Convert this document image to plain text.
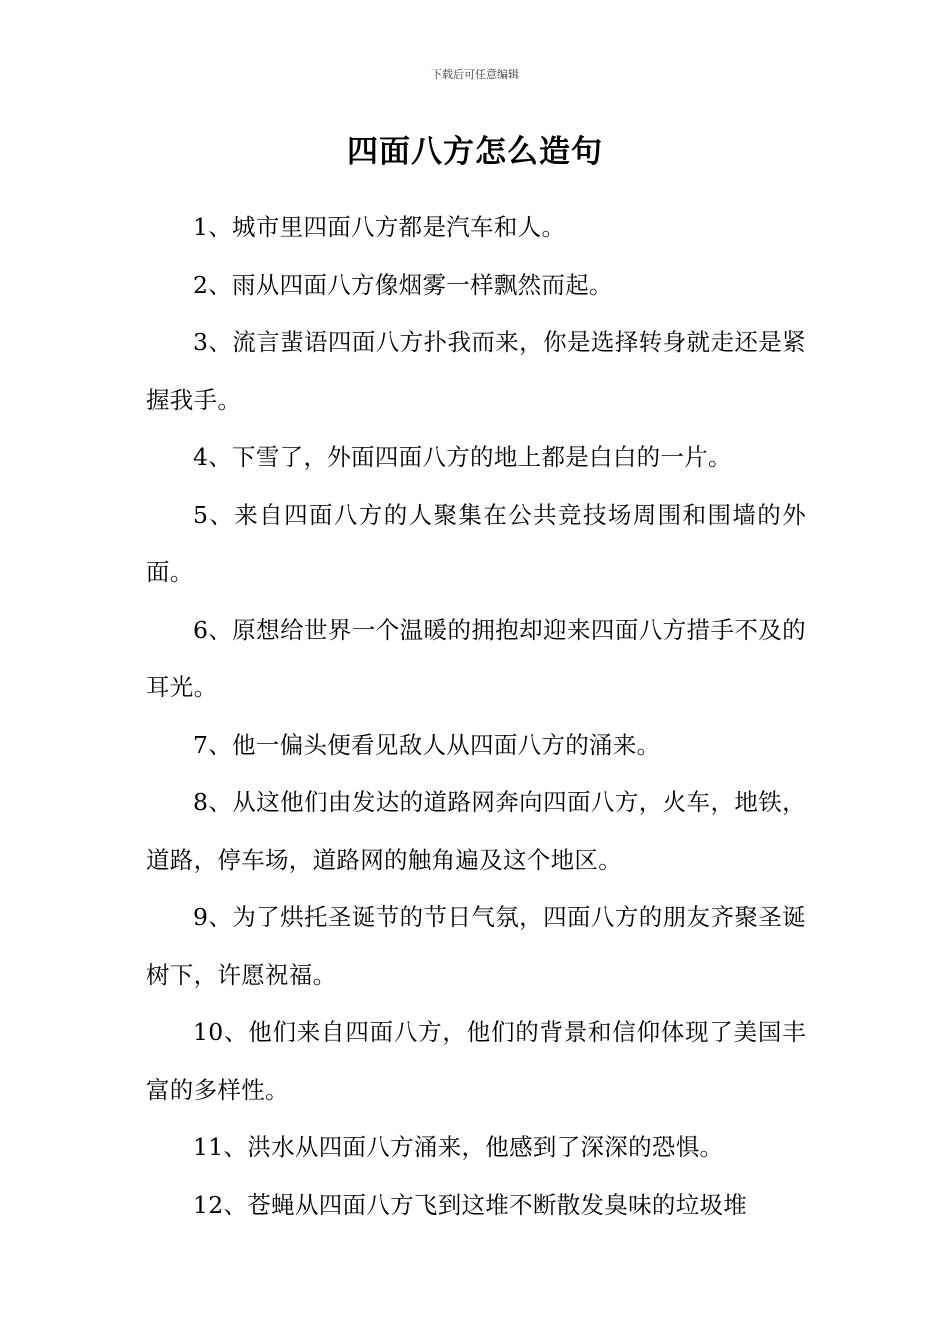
下载后可任意编辑
四面八方怎么造句

1、城市里四面八方都是汽车和人。

2、雨从四面八方像烟雾一样飘然而起。

3、流言蜚语四面八方扑我而来，你是选择转身就走还是紧握我手。

4、下雪了，外面四面八方的地上都是白白的一片。

5、来自四面八方的人聚集在公共竞技场周围和围墙的外面。

6、原想给世界一个温暖的拥抱却迎来四面八方措手不及的耳光。

7、他一偏头便看见敌人从四面八方的涌来。

8、从这他们由发达的道路网奔向四面八方，火车，地铁，道路，停车场，道路网的触角遍及这个地区。

9、为了烘托圣诞节的节日气氛，四面八方的朋友齐聚圣诞树下，许愿祝福。

10、他们来自四面八方，他们的背景和信仰体现了美国丰富的多样性。

11、洪水从四面八方涌来，他感到了深深的恐惧。

12、苍蝇从四面八方飞到这堆不断散发臭味的垃圾堆
